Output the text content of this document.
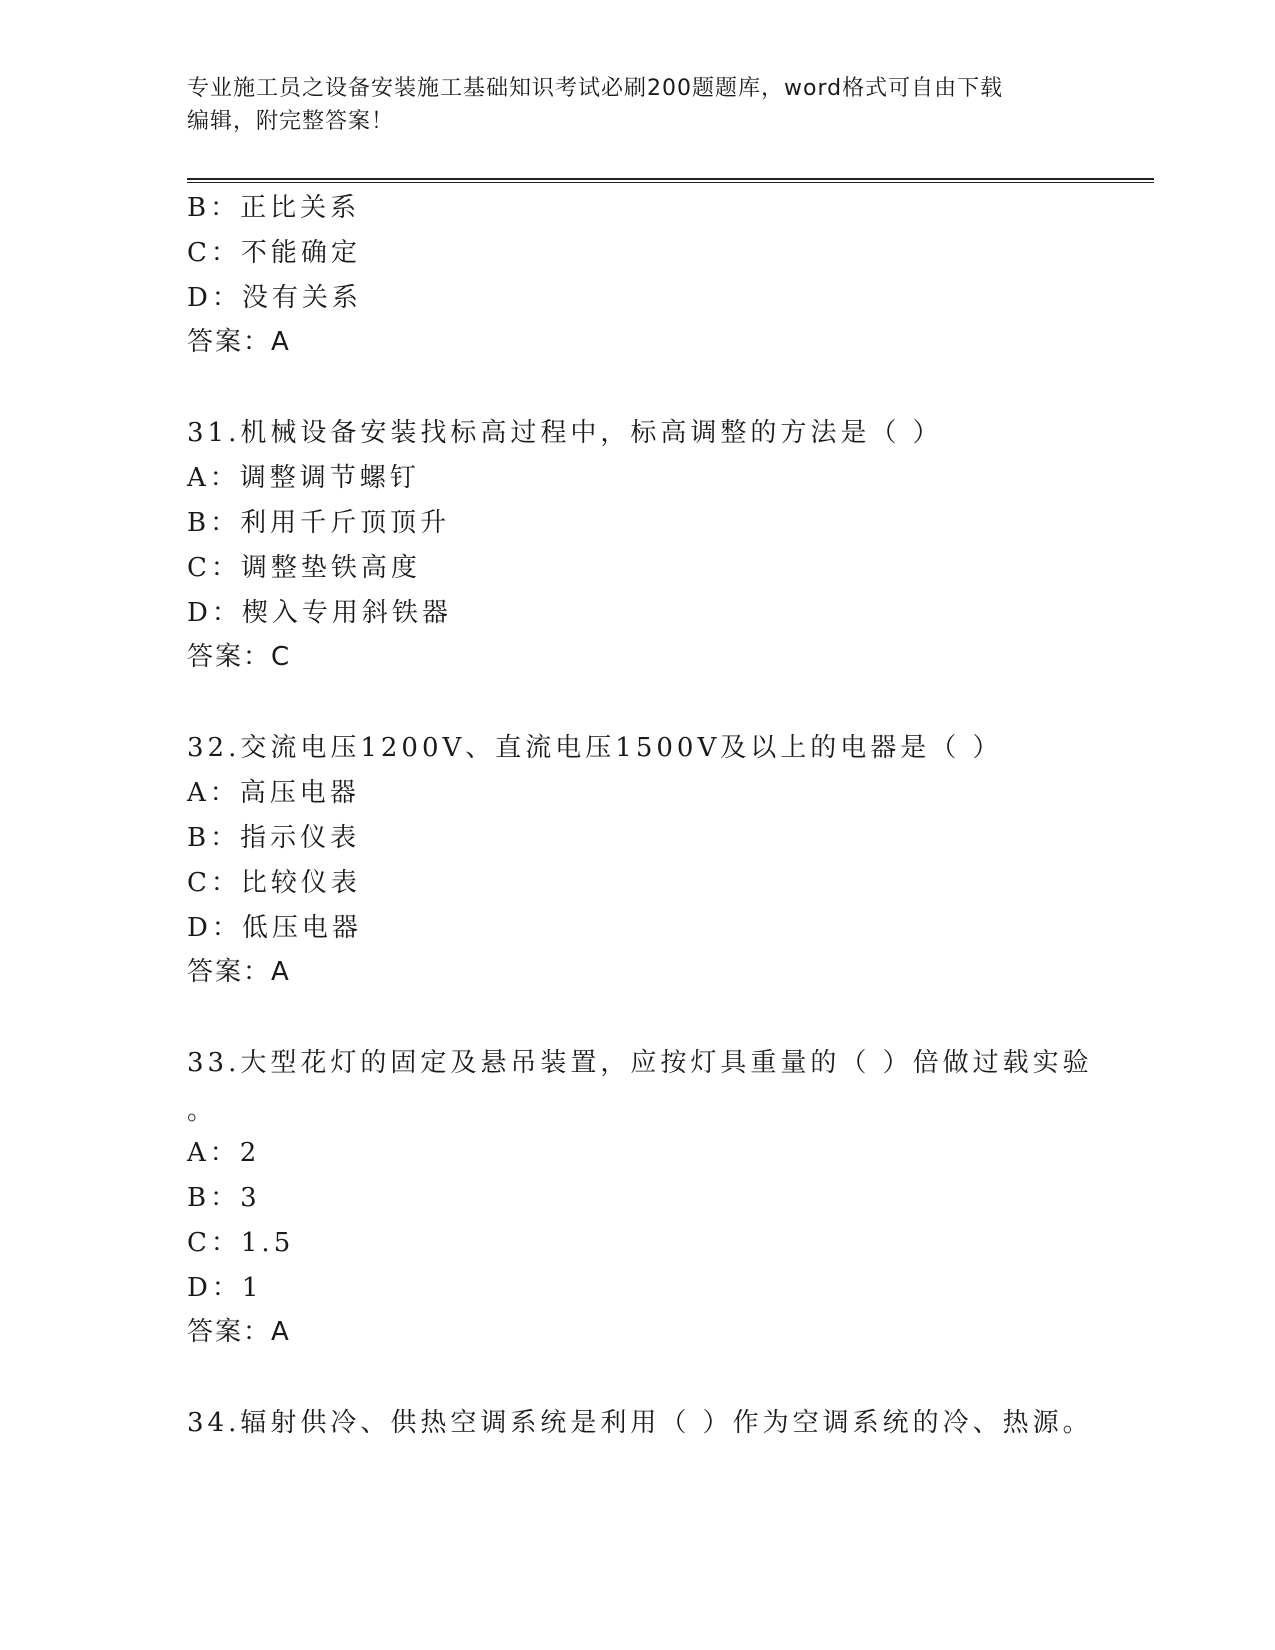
专业施工员之设备安装施工基础知识考试必刷200题题库，word格式可自由下载
编辑，附完整答案！
B：正比关系
C：不能确定
D：没有关系
答案：A
31.机械设备安装找标高过程中，标高调整的方法是（ ）
A：调整调节螺钉
B：利用千斤顶顶升
C：调整垫铁高度
D：楔入专用斜铁器
答案：C
32.交流电压1200V、直流电压1500V及以上的电器是（ ）
A：高压电器
B：指示仪表
C：比较仪表
D：低压电器
答案：A
33.大型花灯的固定及悬吊装置，应按灯具重量的（ ）倍做过载实验
。
A：2
B：3
C：1.5
D：1
答案：A
34.辐射供冷、供热空调系统是利用（ ）作为空调系统的冷、热源。
